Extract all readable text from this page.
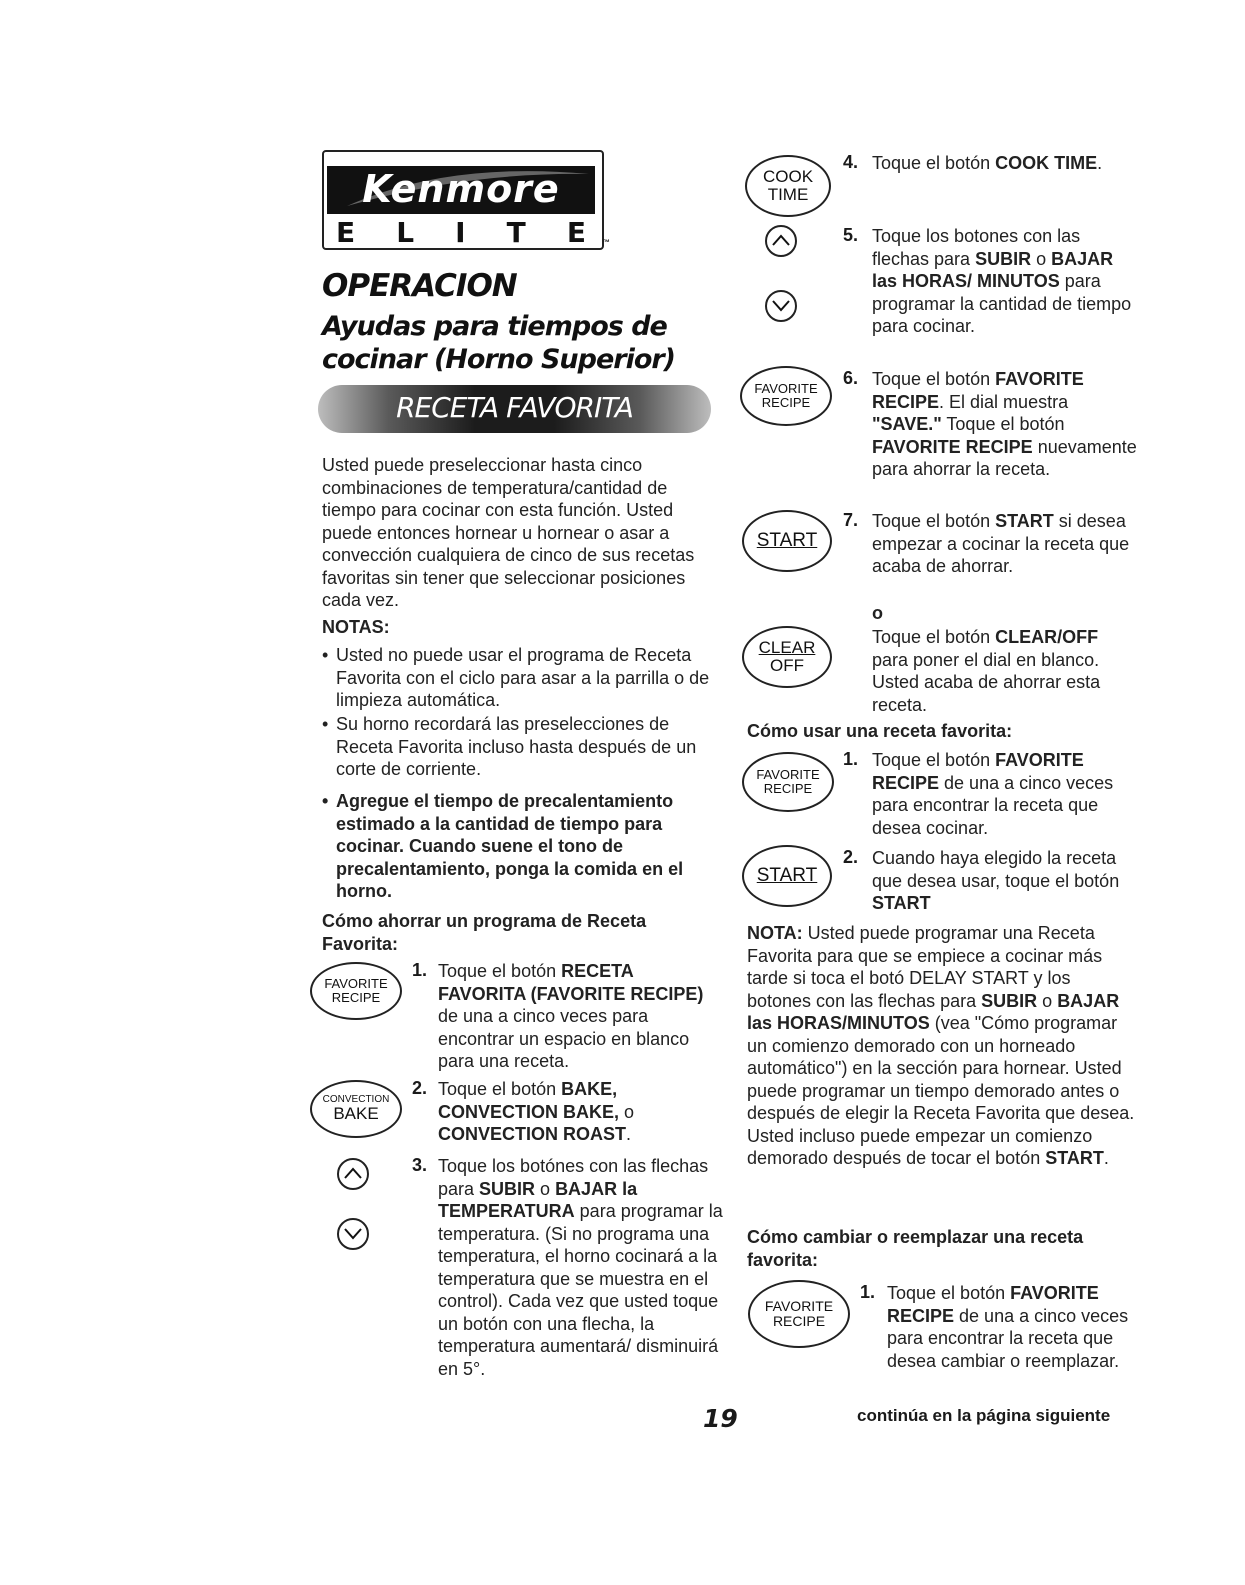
Kenmore
E L I T E ™
OPERACION
Ayudas para tiempos de
cocinar (Horno Superior)
RECETA FAVORITA
Usted puede preseleccionar hasta cinco combinaciones de temperatura/cantidad de tiempo para cocinar con esta función. Usted puede entonces hornear u hornear o asar a convección cualquiera de cinco de sus recetas favoritas sin tener que seleccionar posiciones cada vez.
NOTAS:
• Usted no puede usar el programa de Receta Favorita con el ciclo para asar a la parrilla o de limpieza automática.
• Su horno recordará las preselecciones de Receta Favorita incluso hasta después de un corte de corriente.
• Agregue el tiempo de precalentamiento estimado a la cantidad de tiempo para cocinar. Cuando suene el tono de precalentamiento, ponga la comida en el horno.
Cómo ahorrar un programa de Receta Favorita:
FAVORITE
RECIPE
1. Toque el botón RECETA FAVORITA (FAVORITE RECIPE) de una a cinco veces para encontrar un espacio en blanco para una receta.
CONVECTION
BAKE
2. Toque el botón BAKE, CONVECTION BAKE, o CONVECTION ROAST.
3. Toque los botónes con las flechas para SUBIR o BAJAR la TEMPERATURA para programar la temperatura. (Si no programa una temperatura, el horno cocinará a la temperatura que se muestra en el control). Cada vez que usted toque un botón con una flecha, la temperatura aumentará/ disminuirá en 5°.
COOK
TIME
4. Toque el botón COOK TIME.
5. Toque los botones con las flechas para SUBIR o BAJAR las HORAS/ MINUTOS para programar la cantidad de tiempo para cocinar.
FAVORITE
RECIPE
6. Toque el botón FAVORITE RECIPE. El dial muestra "SAVE." Toque el botón FAVORITE RECIPE nuevamente para ahorrar la receta.
START
7. Toque el botón START si desea empezar a cocinar la receta que acaba de ahorrar.
o
CLEAR
OFF
Toque el botón CLEAR/OFF para poner el dial en blanco. Usted acaba de ahorrar esta receta.
Cómo usar una receta favorita:
FAVORITE
RECIPE
1. Toque el botón FAVORITE RECIPE de una a cinco veces para encontrar la receta que desea cocinar.
START
2. Cuando haya elegido la receta que desea usar, toque el botón START
NOTA: Usted puede programar una Receta Favorita para que se empiece a cocinar más tarde si toca el botó DELAY START y los botones con las flechas para SUBIR o BAJAR las HORAS/MINUTOS (vea "Cómo programar un comienzo demorado con un horneado automático") en la sección para hornear. Usted puede programar un tiempo demorado antes o después de elegir la Receta Favorita que desea. Usted incluso puede empezar un comienzo demorado después de tocar el botón START.
Cómo cambiar o reemplazar una receta favorita:
FAVORITE
RECIPE
1. Toque el botón FAVORITE RECIPE de una a cinco veces para encontrar la receta que desea cambiar o reemplazar.
19	continúa en la página siguiente
